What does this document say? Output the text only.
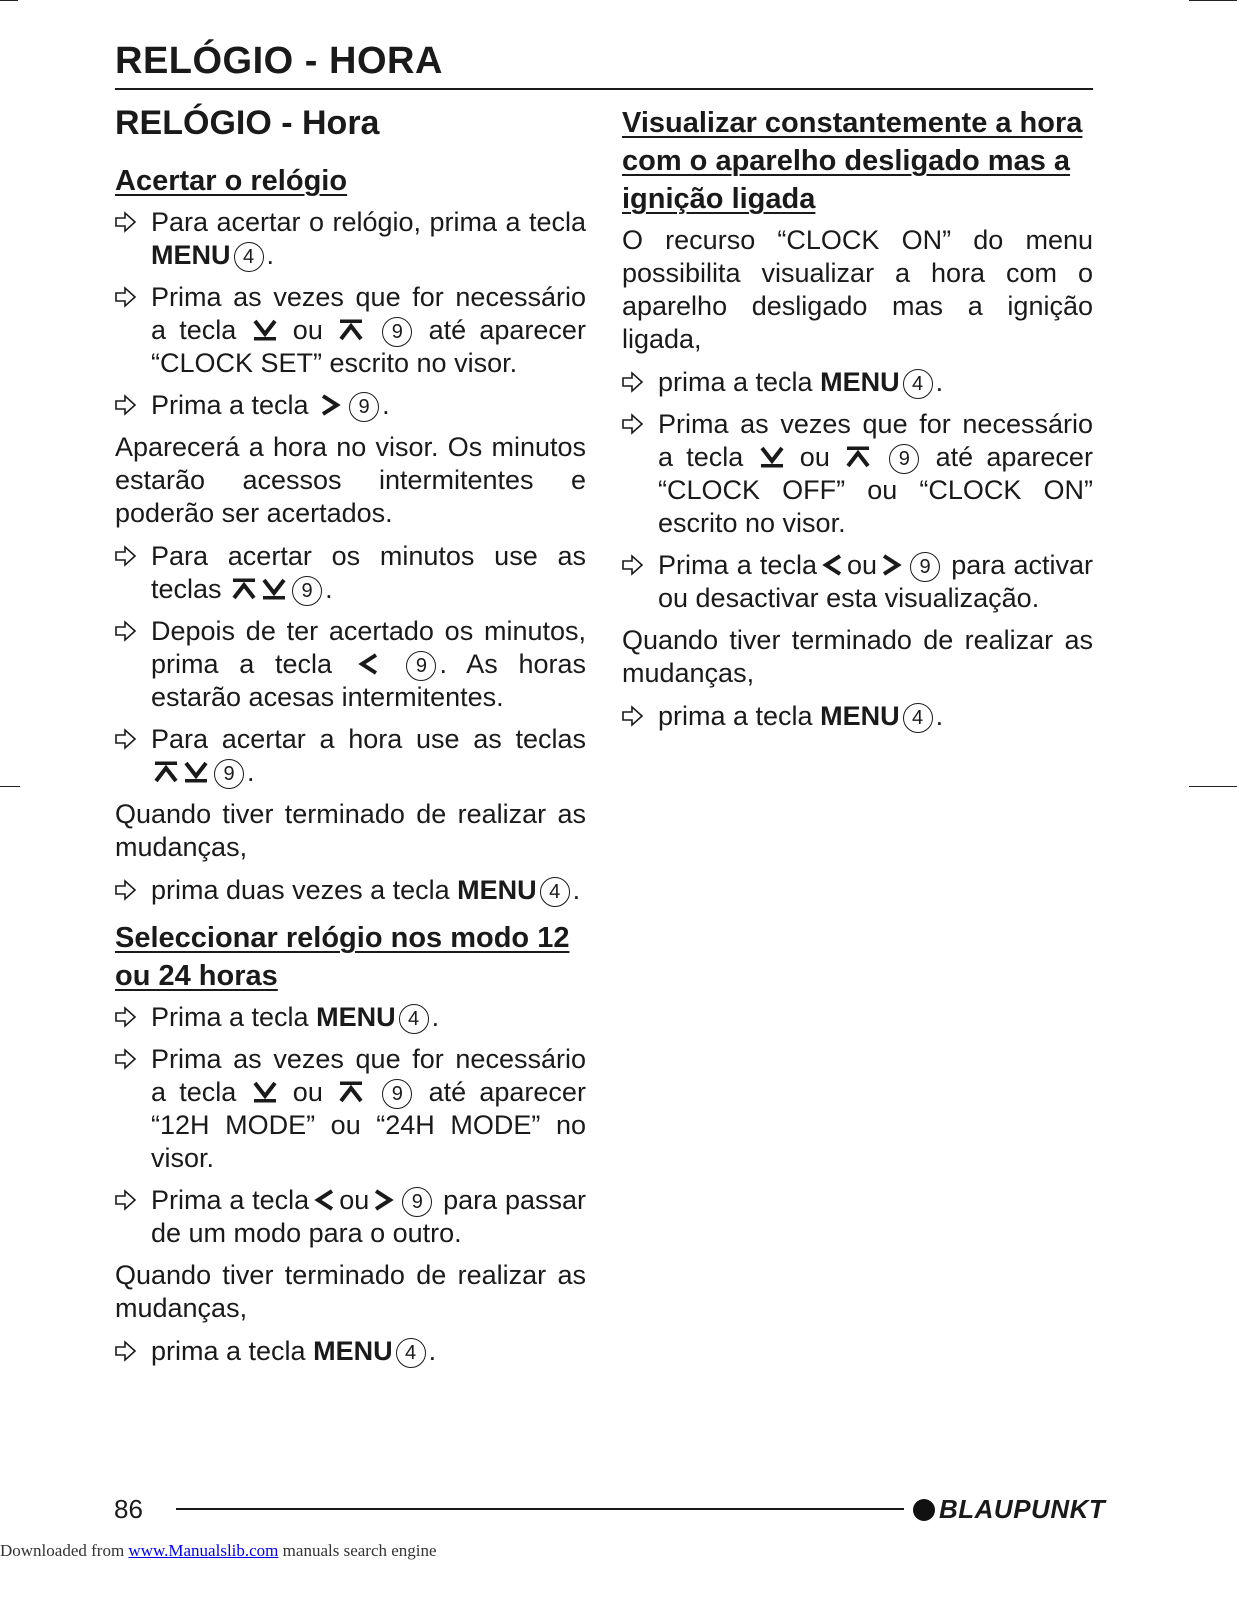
RELÓGIO - HORA
RELÓGIO - Hora
Acertar o relógio
Para acertar o relógio, prima a tecla MENU 4 .
Prima as vezes que for necessário a tecla ou	9 até aparecer “CLOCK SET” escrito no visor.
Prima a tecla 9 .
Aparecerá a hora no visor. Os minutos estarão acessos intermitentes e poderão ser acertados.
Para acertar os minutos use as teclas	9 .
Depois de ter acertado os minutos, prima a tecla	9 . As horas estarão acesas intermitentes.
Para acertar a hora use as teclas 9 .
Quando tiver terminado de realizar as mudanças,
prima duas vezes a tecla MENU 4 .
Seleccionar relógio nos modo 12 ou 24 horas
Prima a tecla MENU 4 .
Prima as vezes que for necessário a tecla ou	9 até aparecer “12H MODE” ou “24H MODE” no visor.
Prima a tecla ou 9 para passar de um modo para o outro.
Quando tiver terminado de realizar as mudanças,
prima a tecla MENU 4 .
Visualizar constantemente a hora com o aparelho desligado mas a ignição ligada
O recurso “CLOCK ON” do menu possibilita visualizar a hora com o aparelho desligado mas a ignição ligada,
prima a tecla MENU 4 .
Prima as vezes que for necessário a tecla ou	9 até aparecer “CLOCK OFF” ou “CLOCK ON” escrito no visor.
Prima a tecla ou 9 para activar ou desactivar esta visualização.
Quando tiver terminado de realizar as mudanças,
prima a tecla MENU 4 .
86	BLAUPUNKT
Downloaded from www.Manualslib.com manuals search engine
